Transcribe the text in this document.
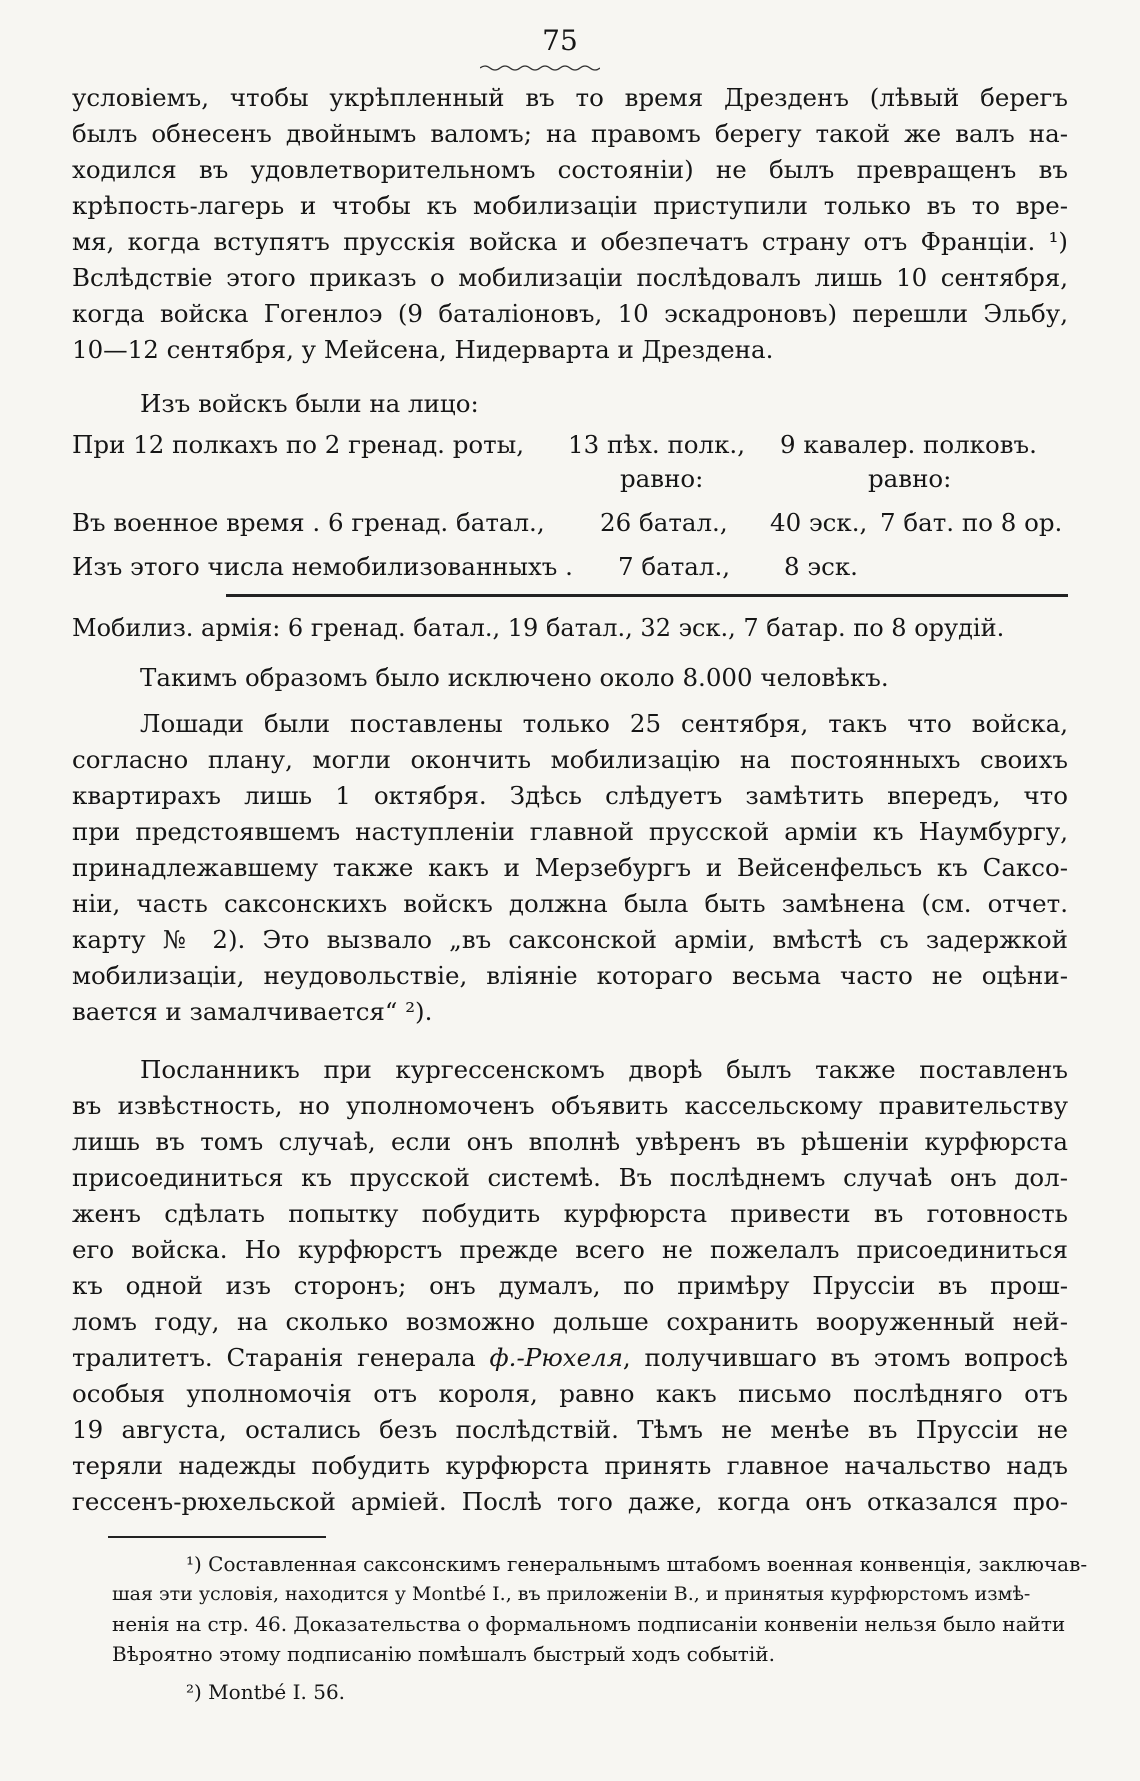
75
условіемъ, чтобы укрѣпленный въ то время Дрезденъ (лѣвый берегъ
былъ обнесенъ двойнымъ валомъ; на правомъ берегу такой же валъ на-
ходился въ удовлетворительномъ состояніи) не былъ превращенъ въ
крѣпость-лагерь и чтобы къ мобилизаціи приступили только въ то вре-
мя, когда вступятъ прусскія войска и обезпечатъ страну отъ Франціи. ¹)
Вслѣдствіе этого приказъ о мобилизаціи послѣдовалъ лишь 10 сентября,
когда войска Гогенлоэ (9 баталіоновъ, 10 эскадроновъ) перешли Эльбу,
10—12 сентября, у Мейсена, Нидерварта и Дрездена.
Изъ войскъ были на лицо:
При 12 полкахъ по 2 гренад. роты, 13 пѣх. полк., 9 кавалер. полковъ.
равно:	равно:
Въ военное время . 6 гренад. батал., 26 батал., 40 эск., 7 бат. по 8 ор.
Изъ этого числа немобилизованныхъ . 7 батал., 8 эск.
Мобилиз. армія: 6 гренад. батал., 19 батал., 32 эск., 7 батар. по 8 орудій.
Такимъ образомъ было исключено около 8.000 человѣкъ.
Лошади были поставлены только 25 сентября, такъ что войска,
согласно плану, могли окончить мобилизацію на постоянныхъ своихъ
квартирахъ лишь 1 октября. Здѣсь слѣдуетъ замѣтить впередъ, что
при предстоявшемъ наступленіи главной прусской арміи къ Наумбургу,
принадлежавшему также какъ и Мерзебургъ и Вейсенфельсъ къ Саксо-
ніи, часть саксонскихъ войскъ должна была быть замѣнена (см. отчет.
карту № 2). Это вызвало „въ саксонской арміи, вмѣстѣ съ задержкой
мобилизаціи, неудовольствіе, вліяніе котораго весьма часто не оцѣни-
вается и замалчивается“ ²).
Посланникъ при кургессенскомъ дворѣ былъ также поставленъ
въ извѣстность, но уполномоченъ объявить кассельскому правительству
лишь въ томъ случаѣ, если онъ вполнѣ увѣренъ въ рѣшеніи курфюрста
присоединиться къ прусской системѣ. Въ послѣднемъ случаѣ онъ дол-
женъ сдѣлать попытку побудить курфюрста привести въ готовность
его войска. Но курфюрстъ прежде всего не пожелалъ присоединиться
къ одной изъ сторонъ; онъ думалъ, по примѣру Пруссіи въ прош-
ломъ году, на сколько возможно дольше сохранить вооруженный ней-
тралитетъ. Старанія генерала ф.-Рюхеля, получившаго въ этомъ вопросѣ
особыя уполномочія отъ короля, равно какъ письмо послѣдняго отъ
19 августа, остались безъ послѣдствій. Тѣмъ не менѣе въ Пруссіи не
теряли надежды побудить курфюрста принять главное начальство надъ
гессенъ-рюхельской арміей. Послѣ того даже, когда онъ отказался про-
¹) Составленная саксонскимъ генеральнымъ штабомъ военная конвенція, заключав-
шая эти условія, находится у Montbé I., въ приложеніи B., и принятыя курфюрстомъ измѣ-
ненія на стр. 46. Доказательства о формальномъ подписаніи конвеніи нельзя было найти
Вѣроятно этому подписанію помѣшалъ быстрый ходъ событій.
²) Montbé I. 56.
